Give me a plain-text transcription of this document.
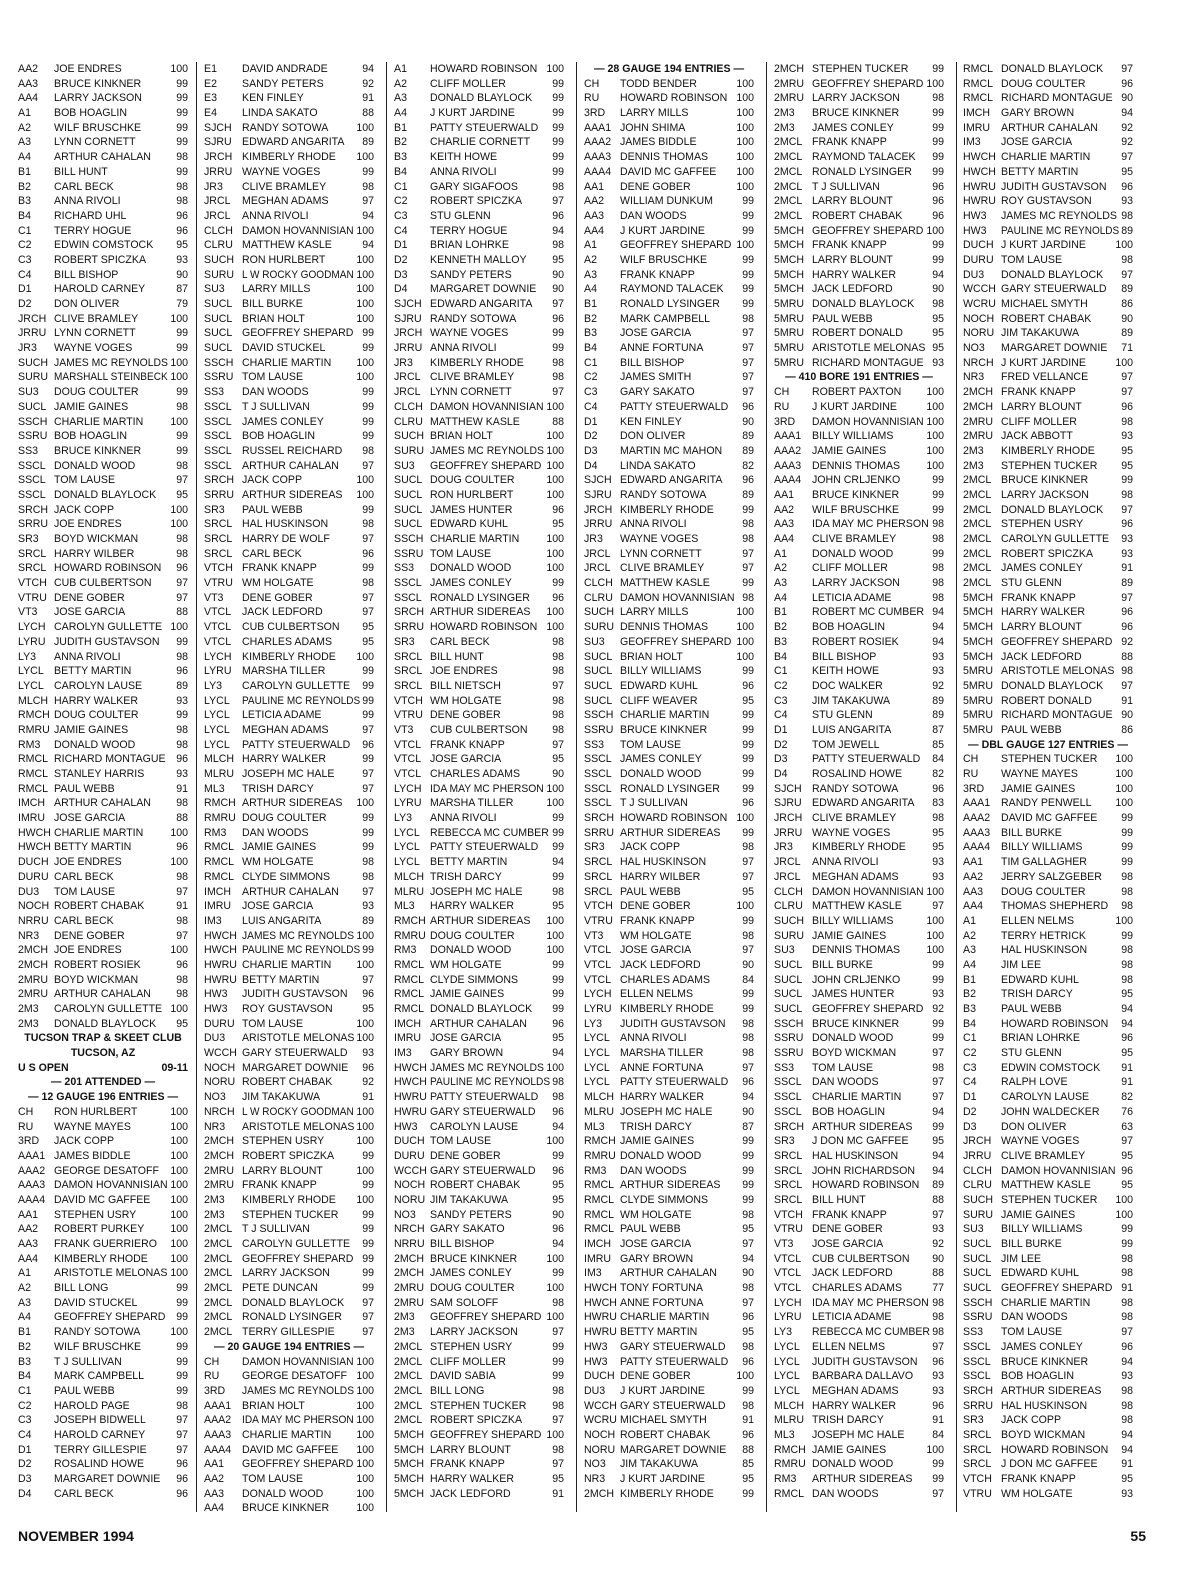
AA2 JOE ENDRES	100
AA3 BRUCE KINKNER	99
AA4 LARRY JACKSON	99
A1 BOB HOAGLIN	99
A2 WILF BRUSCHKE	99
A3 LYNN CORNETT	99
A4 ARTHUR CAHALAN 98
B1 BILL HUNT	99
B2 CARL BECK	98
B3 ANNA RIVOLI	98
B4 RICHARD UHL	96
C1 TERRY HOGUE	96
C2 EDWIN COMSTOCK 95
C3 ROBERT SPICZKA	93
C4 BILL BISHOP	90
D1 HAROLD CARNEY	87
D2 DON OLIVER	79
JRCH CLIVE BRAMLEY	100
JRRU LYNN CORNETT	99
JR3 WAYNE VOGES	99
SUCH JAMES MC REYNOLDS 100
SURU MARSHALL STEINBECK 100
SU3 DOUG COULTER	99
SUCL JAMIE GAINES	98
SSCH CHARLIE MARTIN	100
SSRU BOB HOAGLIN	99
SS3 BRUCE KINKNER	99
SSCL DONALD WOOD	98
SSCL TOM LAUSE	97
SSCL DONALD BLAYLOCK 95
SRCH JACK COPP	100
SRRU JOE ENDRES	100
SR3 BOYD WICKMAN	98
SRCL HARRY WILBER	98
SRCL HOWARD ROBINSON 96
VTCH CUB CULBERTSON 97
VTRU DENE GOBER	97
VT3 JOSE GARCIA	88
LYCH CAROLYN GULLETTE 100
LYRU JUDITH GUSTAVSON 99
LY3 ANNA RIVOLI	98
LYCL BETTY MARTIN	96
LYCL CAROLYN LAUSE	89
MLCH HARRY WALKER	93
RMCH DOUG COULTER	99
RMRU JAMIE GAINES	98
RM3 DONALD WOOD	98
RMCL RICHARD MONTAGUE 96
RMCL STANLEY HARRIS	93
RMCL PAUL WEBB	91
IMCH ARTHUR CAHALAN 98
IMRU JOSE GARCIA	88
HWCH CHARLIE MARTIN	100
HWCH BETTY MARTIN	96
DUCH JOE ENDRES	100
DURU CARL BECK	98
DU3 TOM LAUSE	97
NOCH ROBERT CHABAK	91
NRRU CARL BECK	98
NR3 DENE GOBER	97
2MCH JOE ENDRES	100
2MCH ROBERT ROSIEK	96
2MRU BOYD WICKMAN	98
2MRU ARTHUR CAHALAN 98
2M3 CAROLYN GULLETTE 100
2M3 DONALD BLAYLOCK 95
TUCSON TRAP & SKEET CLUB
TUCSON, AZ
U S OPEN	09-11
— 201 ATTENDED —
— 12 GAUGE 196 ENTRIES —
CH RON HURLBERT	100
RU WAYNE MAYES	100
3RD JACK COPP	100
AAA1 JAMES BIDDLE	100
AAA2 GEORGE DESATOFF 100
AAA3 DAMON HOVANNISIAN 100
AAA4 DAVID MC GAFFEE 100
AA1 STEPHEN USRY	100
AA2 ROBERT PURKEY 100
AA3 FRANK GUERRIERO 100
AA4 KIMBERLY RHODE 100
A1 ARISTOTLE MELONAS 100
A2 BILL LONG	99
A3 DAVID STUCKEL	99
A4 GEOFFREY SHEPARD 99
B1 RANDY SOTOWA	100
B2 WILF BRUSCHKE	99
B3 T J SULLIVAN	99
B4 MARK CAMPBELL	99
C1 PAUL WEBB	99
C2 HAROLD PAGE	98
C3 JOSEPH BIDWELL	97
C4 HAROLD CARNEY	97
D1 TERRY GILLESPIE	97
D2 ROSALIND HOWE	96
D3 MARGARET DOWNIE 96
D4 CARL BECK	96
E1 DAVID ANDRADE	94
E2 SANDY PETERS	92
E3 KEN FINLEY	91
E4 LINDA SAKATO	88
SJCH RANDY SOTOWA	100
SJRU EDWARD ANGARITA 89
JRCH KIMBERLY RHODE 100
JRRU WAYNE VOGES	99
JR3 CLIVE BRAMLEY	98
JRCL MEGHAN ADAMS	97
JRCL ANNA RIVOLI	94
CLCH DAMON HOVANNISIAN 100
CLRU MATTHEW KASLE	94
SUCH RON HURLBERT	100
SURU L W ROCKY GOODMAN 100
SU3 LARRY MILLS	100
SUCL BILL BURKE	100
SUCL BRIAN HOLT	100
SUCL GEOFFREY SHEPARD 99
SUCL DAVID STUCKEL	99
SSCH CHARLIE MARTIN 100
SSRU TOM LAUSE	100
SS3 DAN WOODS	99
SSCL T J SULLIVAN	99
SSCL JAMES CONLEY	99
SSCL BOB HOAGLIN	99
SSCL RUSSEL REICHARD 98
SSCL ARTHUR CAHALAN 97
SRCH JACK COPP	100
SRRU ARTHUR SIDEREAS 100
SR3 PAUL WEBB	99
SRCL HAL HUSKINSON	98
SRCL HARRY DE WOLF	97
SRCL CARL BECK	96
VTCH FRANK KNAPP	99
VTRU WM HOLGATE	98
VT3 DENE GOBER	97
VTCL JACK LEDFORD	97
VTCL CUB CULBERTSON 95
VTCL CHARLES ADAMS	95
LYCH KIMBERLY RHODE 100
LYRU MARSHA TILLER	99
LY3 CAROLYN GULLETTE 99
LYCL PAULINE MC REYNOLDS 99
LYCL LETICIA ADAME	99
LYCL MEGHAN ADAMS	97
LYCL PATTY STEUERWALD 96
MLCH HARRY WALKER	99
MLRU JOSEPH MC HALE	97
ML3 TRISH DARCY	97
RMCH ARTHUR SIDEREAS 100
RMRU DOUG COULTER	99
RM3 DAN WOODS	99
RMCL JAMIE GAINES	99
RMCL WM HOLGATE	98
RMCL CLYDE SIMMONS	98
IMCH ARTHUR CAHALAN 97
IMRU JOSE GARCIA	93
IM3 LUIS ANGARITA	89
HWCH JAMES MC REYNOLDS 100
HWCH PAULINE MC REYNOLDS 99
HWRU CHARLIE MARTIN 100
HWRU BETTY MARTIN	97
HW3 JUDITH GUSTAVSON 96
HW3 ROY GUSTAVSON	95
DURU TOM LAUSE	100
DU3 ARISTOTLE MELONAS 100
WCCH GARY STEUERWALD 93
NOCH MARGARET DOWNIE 96
NORU ROBERT CHABAK	92
NO3 JIM TAKAKUWA	91
NRCH L W ROCKY GOODMAN 100
NR3 ARISTOTLE MELONAS 100
2MCH STEPHEN USRY	100
2MCH ROBERT SPICZKA	99
2MRU LARRY BLOUNT	100
2MRU FRANK KNAPP	99
2M3 KIMBERLY RHODE 100
2M3 STEPHEN TUCKER 99
2MCL T J SULLIVAN	99
2MCL CAROLYN GULLETTE 99
2MCL GEOFFREY SHEPARD 99
2MCL LARRY JACKSON	99
2MCL PETE DUNCAN	99
2MCL DONALD BLAYLOCK 97
2MCL RONALD LYSINGER 97
2MCL TERRY GILLESPIE	97
— 20 GAUGE 194 ENTRIES —
CH DAMON HOVANNISIAN 100
RU GEORGE DESATOFF 100
3RD JAMES MC REYNOLDS 100
AAA1 BRIAN HOLT	100
AAA2 IDA MAY MC PHERSON 100
AAA3 CHARLIE MARTIN 100
AAA4 DAVID MC GAFFEE 100
AA1 GEOFFREY SHEPARD 100
AA2 TOM LAUSE	100
AA3 DONALD WOOD	100
AA4 BRUCE KINKNER	100
A1 HOWARD ROBINSON 100
A2 CLIFF MOLLER	99
A3 DONALD BLAYLOCK 99
A4 J KURT JARDINE	99
B1 PATTY STEUERWALD 99
B2 CHARLIE CORNETT 99
B3 KEITH HOWE	99
B4 ANNA RIVOLI	99
C1 GARY SIGAFOOS	98
C2 ROBERT SPICZKA	97
C3 STU GLENN	96
C4 TERRY HOGUE	94
D1 BRIAN LOHRKE	98
D2 KENNETH MALLOY 95
D3 SANDY PETERS	90
D4 MARGARET DOWNIE 90
SJCH EDWARD ANGARITA 97
SJRU RANDY SOTOWA	96
JRCH WAYNE VOGES	99
JRRU ANNA RIVOLI	99
JR3 KIMBERLY RHODE	98
JRCL CLIVE BRAMLEY	98
JRCL LYNN CORNETT	97
CLCH DAMON HOVANNISIAN 100
CLRU MATTHEW KASLE	88
SUCH BRIAN HOLT	100
SURU JAMES MC REYNOLDS 100
SU3 GEOFFREY SHEPARD 100
SUCL DOUG COULTER	100
SUCL RON HURLBERT	100
SUCL JAMES HUNTER	96
SUCL EDWARD KUHL	95
SSCH CHARLIE MARTIN	100
SSRU TOM LAUSE	100
SS3 DONALD WOOD	100
SSCL JAMES CONLEY	99
SSCL RONALD LYSINGER 96
SRCH ARTHUR SIDEREAS 100
SRRU HOWARD ROBINSON 100
SR3 CARL BECK	98
SRCL BILL HUNT	98
SRCL JOE ENDRES	98
SRCL BILL NIETSCH	97
VTCH WM HOLGATE	98
VTRU DENE GOBER	98
VT3 CUB CULBERTSON 98
VTCL FRANK KNAPP	97
VTCL JOSE GARCIA	95
VTCL CHARLES ADAMS	90
LYCH IDA MAY MC PHERSON 100
LYRU MARSHA TILLER	100
LY3 ANNA RIVOLI	99
LYCL REBECCA MC CUMBER 99
LYCL PATTY STEUERWALD 99
LYCL BETTY MARTIN	94
MLCH TRISH DARCY	99
MLRU JOSEPH MC HALE	98
ML3 HARRY WALKER	95
RMCH ARTHUR SIDEREAS 100
RMRU DOUG COULTER	100
RM3 DONALD WOOD	100
RMCL WM HOLGATE	99
RMCL CLYDE SIMMONS	99
RMCL JAMIE GAINES	99
RMCL DONALD BLAYLOCK 99
IMCH ARTHUR CAHALAN 96
IMRU JOSE GARCIA	95
IM3 GARY BROWN	94
HWCH JAMES MC REYNOLDS 100
HWCH PAULINE MC REYNOLDS 98
HWRU PATTY STEUERWALD 98
HWRU GARY STEUERWALD 96
HW3 CAROLYN LAUSE	94
DUCH TOM LAUSE	100
DURU DENE GOBER	99
WCCH GARY STEUERWALD 96
NOCH ROBERT CHABAK	95
NORU JIM TAKAKUWA	95
NO3 SANDY PETERS	90
NRCH GARY SAKATO	96
NRRU BILL BISHOP	94
2MCH BRUCE KINKNER	100
2MCH JAMES CONLEY	99
2MRU DOUG COULTER	100
2MRU SAM SOLOFF	98
2M3 GEOFFREY SHEPARD 100
2M3 LARRY JACKSON	97
2MCL STEPHEN USRY	99
2MCL CLIFF MOLLER	99
2MCL DAVID SABIA	99
2MCL BILL LONG	98
2MCL STEPHEN TUCKER 98
2MCL ROBERT SPICZKA	97
5MCH GEOFFREY SHEPARD 100
5MCH LARRY BLOUNT	98
5MCH FRANK KNAPP	97
5MCH HARRY WALKER	95
5MCH JACK LEDFORD	91
— 28 GAUGE 194 ENTRIES —
CH TODD BENDER	100
RU HOWARD ROBINSON 100
3RD LARRY MILLS	100
AAA1 JOHN SHIMA	100
AAA2 JAMES BIDDLE	100
AAA3 DENNIS THOMAS	100
AAA4 DAVID MC GAFFEE 100
AA1 DENE GOBER	100
AA2 WILLIAM DUNKUM	99
AA3 DAN WOODS	99
AA4 J KURT JARDINE	99
A1 GEOFFREY SHEPARD 100
A2 WILF BRUSCHKE	99
A3 FRANK KNAPP	99
A4 RAYMOND TALACEK 99
B1 RONALD LYSINGER 99
B2 MARK CAMPBELL	98
B3 JOSE GARCIA	97
B4 ANNE FORTUNA	97
C1 BILL BISHOP	97
C2 JAMES SMITH	97
C3 GARY SAKATO	97
C4 PATTY STEUERWALD 96
D1 KEN FINLEY	90
D2 DON OLIVER	89
D3 MARTIN MC MAHON 89
D4 LINDA SAKATO	82
SJCH EDWARD ANGARITA 96
SJRU RANDY SOTOWA	89
JRCH KIMBERLY RHODE	99
JRRU ANNA RIVOLI	98
JR3 WAYNE VOGES	98
JRCL LYNN CORNETT	97
JRCL CLIVE BRAMLEY	97
CLCH MATTHEW KASLE	99
CLRU DAMON HOVANNISIAN 98
SUCH LARRY MILLS	100
SURU DENNIS THOMAS	100
SU3 GEOFFREY SHEPARD 100
SUCL BRIAN HOLT	100
SUCL BILLY WILLIAMS	99
SUCL EDWARD KUHL	96
SUCL CLIFF WEAVER	95
SSCH CHARLIE MARTIN	99
SSRU BRUCE KINKNER	99
SS3 TOM LAUSE	99
SSCL JAMES CONLEY	99
SSCL DONALD WOOD	99
SSCL RONALD LYSINGER 99
SSCL T J SULLIVAN	96
SRCH HOWARD ROBINSON 100
SRRU ARTHUR SIDEREAS 99
SR3 JACK COPP	98
SRCL HAL HUSKINSON	97
SRCL HARRY WILBER	97
SRCL PAUL WEBB	95
VTCH DENE GOBER	100
VTRU FRANK KNAPP	99
VT3 WM HOLGATE	98
VTCL JOSE GARCIA	97
VTCL JACK LEDFORD	90
VTCL CHARLES ADAMS	84
LYCH ELLEN NELMS	99
LYRU KIMBERLY RHODE	99
LY3 JUDITH GUSTAVSON 98
LYCL ANNA RIVOLI	98
LYCL MARSHA TILLER	98
LYCL ANNE FORTUNA	97
LYCL PATTY STEUERWALD 96
MLCH HARRY WALKER	94
MLRU JOSEPH MC HALE	90
ML3 TRISH DARCY	87
RMCH JAMIE GAINES	99
RMRU DONALD WOOD	99
RM3 DAN WOODS	99
RMCL ARTHUR SIDEREAS 99
RMCL CLYDE SIMMONS	99
RMCL WM HOLGATE	98
RMCL PAUL WEBB	95
IMCH JOSE GARCIA	97
IMRU GARY BROWN	94
IM3 ARTHUR CAHALAN 90
HWCH TONY FORTUNA	98
HWCH ANNE FORTUNA	97
HWRU CHARLIE MARTIN	96
HWRU BETTY MARTIN	95
HW3 GARY STEUERWALD 98
HW3 PATTY STEUERWALD 96
DUCH DENE GOBER	100
DU3 J KURT JARDINE	99
WCCH GARY STEUERWALD 98
WCRU MICHAEL SMYTH	91
NOCH ROBERT CHABAK	96
NORU MARGARET DOWNIE 88
NO3 JIM TAKAKUWA	85
NR3 J KURT JARDINE	95
2MCH KIMBERLY RHODE	99
2MCH STEPHEN TUCKER 99
2MRU GEOFFREY SHEPARD 100
2MRU LARRY JACKSON	98
2M3 BRUCE KINKNER	99
2M3 JAMES CONLEY	99
2MCL FRANK KNAPP	99
2MCL RAYMOND TALACEK 99
2MCL RONALD LYSINGER 99
2MCL T J SULLIVAN	96
2MCL LARRY BLOUNT	96
2MCL ROBERT CHABAK	96
5MCH GEOFFREY SHEPARD 100
5MCH FRANK KNAPP	99
5MCH LARRY BLOUNT	99
5MCH HARRY WALKER	94
5MCH JACK LEDFORD	90
5MRU DONALD BLAYLOCK 98
5MRU PAUL WEBB	95
5MRU ROBERT DONALD	95
5MRU ARISTOTLE MELONAS 95
5MRU RICHARD MONTAGUE 93
— 410 BORE 191 ENTRIES —
CH ROBERT PAXTON 100
RU J KURT JARDINE	100
3RD DAMON HOVANNISIAN 100
AAA1 BILLY WILLIAMS	100
AAA2 JAMIE GAINES	100
AAA3 DENNIS THOMAS 100
AAA4 JOHN CRLJENKO	99
AA1 BRUCE KINKNER	99
AA2 WILF BRUSCHKE	99
AA3 IDA MAY MC PHERSON 98
AA4 CLIVE BRAMLEY	98
A1 DONALD WOOD	99
A2 CLIFF MOLLER	98
A3 LARRY JACKSON	98
A4 LETICIA ADAME	98
B1 ROBERT MC CUMBER 94
B2 BOB HOAGLIN	94
B3 ROBERT ROSIEK	94
B4 BILL BISHOP	93
C1 KEITH HOWE	93
C2 DOC WALKER	92
C3 JIM TAKAKUWA	89
C4 STU GLENN	89
D1 LUIS ANGARITA	87
D2 TOM JEWELL	85
D3 PATTY STEUERWALD 84
D4 ROSALIND HOWE	82
SJCH RANDY SOTOWA	96
SJRU EDWARD ANGARITA 83
JRCH CLIVE BRAMLEY	98
JRRU WAYNE VOGES	95
JR3 KIMBERLY RHODE 95
JRCL ANNA RIVOLI	93
JRCL MEGHAN ADAMS	93
CLCH DAMON HOVANNISIAN 100
CLRU MATTHEW KASLE	97
SUCH BILLY WILLIAMS	100
SURU JAMIE GAINES	100
SU3 DENNIS THOMAS 100
SUCL BILL BURKE	99
SUCL JOHN CRLJENKO	99
SUCL JAMES HUNTER	93
SUCL GEOFFREY SHEPARD 92
SSCH BRUCE KINKNER	99
SSRU DONALD WOOD	99
SSRU BOYD WICKMAN	97
SS3 TOM LAUSE	98
SSCL DAN WOODS	97
SSCL CHARLIE MARTIN	97
SSCL BOB HOAGLIN	94
SRCH ARTHUR SIDEREAS 99
SR3 J DON MC GAFFEE 95
SRCL HAL HUSKINSON	94
SRCL JOHN RICHARDSON 94
SRCL HOWARD ROBINSON 89
SRCL BILL HUNT	88
VTCH FRANK KNAPP	97
VTRU DENE GOBER	93
VT3 JOSE GARCIA	92
VTCL CUB CULBERTSON 90
VTCL JACK LEDFORD	88
VTCL CHARLES ADAMS	77
LYCH IDA MAY MC PHERSON 98
LYRU LETICIA ADAME	98
LY3 REBECCA MC CUMBER 98
LYCL ELLEN NELMS	97
LYCL JUDITH GUSTAVSON 96
LYCL BARBARA DALLAVO 93
LYCL MEGHAN ADAMS	93
MLCH HARRY WALKER	96
MLRU TRISH DARCY	91
ML3 JOSEPH MC HALE	84
RMCH JAMIE GAINES	100
RMRU DONALD WOOD	99
RM3 ARTHUR SIDEREAS 99
RMCL DAN WOODS	97
RMCL DONALD BLAYLOCK 97
RMCL DOUG COULTER	96
RMCL RICHARD MONTAGUE 90
IMCH GARY BROWN	94
IMRU ARTHUR CAHALAN 92
IM3 JOSE GARCIA	92
HWCH CHARLIE MARTIN	97
HWCH BETTY MARTIN	95
HWRU JUDITH GUSTAVSON 96
HWRU ROY GUSTAVSON	93
HW3 JAMES MC REYNOLDS 98
HW3 PAULINE MC REYNOLDS 89
DUCH J KURT JARDINE	100
DURU TOM LAUSE	98
DU3 DONALD BLAYLOCK 97
WCCH GARY STEUERWALD 89
WCRU MICHAEL SMYTH	86
NOCH ROBERT CHABAK	90
NORU JIM TAKAKUWA	89
NO3 MARGARET DOWNIE 71
NRCH J KURT JARDINE	100
NR3 FRED VELLANCE	97
2MCH FRANK KNAPP	97
2MCH LARRY BLOUNT	96
2MRU CLIFF MOLLER	98
2MRU JACK ABBOTT	93
2M3 KIMBERLY RHODE 95
2M3 STEPHEN TUCKER 95
2MCL BRUCE KINKNER	99
2MCL LARRY JACKSON	98
2MCL DONALD BLAYLOCK 97
2MCL STEPHEN USRY	96
2MCL CAROLYN GULLETTE 93
2MCL ROBERT SPICZKA	93
2MCL JAMES CONLEY	91
2MCL STU GLENN	89
5MCH FRANK KNAPP	97
5MCH HARRY WALKER	96
5MCH LARRY BLOUNT	96
5MCH GEOFFREY SHEPARD 92
5MCH JACK LEDFORD	88
5MRU ARISTOTLE MELONAS 98
5MRU DONALD BLAYLOCK 97
5MRU ROBERT DONALD	91
5MRU RICHARD MONTAGUE 90
5MRU PAUL WEBB	86
— DBL GAUGE 127 ENTRIES —
CH STEPHEN TUCKER 100
RU WAYNE MAYES	100
3RD JAMIE GAINES	100
AAA1 RANDY PENWELL 100
AAA2 DAVID MC GAFFEE 99
AAA3 BILL BURKE	99
AAA4 BILLY WILLIAMS	99
AA1 TIM GALLAGHER	99
AA2 JERRY SALZGEBER 98
AA3 DOUG COULTER	98
AA4 THOMAS SHEPHERD 98
A1 ELLEN NELMS	100
A2 TERRY HETRICK	99
A3 HAL HUSKINSON	98
A4 JIM LEE	98
B1 EDWARD KUHL	98
B2 TRISH DARCY	95
B3 PAUL WEBB	94
B4 HOWARD ROBINSON 94
C1 BRIAN LOHRKE	96
C2 STU GLENN	95
C3 EDWIN COMSTOCK 91
C4 RALPH LOVE	91
D1 CAROLYN LAUSE	82
D2 JOHN WALDECKER 76
D3 DON OLIVER	63
JRCH WAYNE VOGES	97
JRRU CLIVE BRAMLEY	95
CLCH DAMON HOVANNISIAN 96
CLRU MATTHEW KASLE	95
SUCH STEPHEN TUCKER 100
SURU JAMIE GAINES	100
SU3 BILLY WILLIAMS	99
SUCL BILL BURKE	99
SUCL JIM LEE	98
SUCL EDWARD KUHL	98
SUCL GEOFFREY SHEPARD 91
SSCH CHARLIE MARTIN	98
SSRU DAN WOODS	98
SS3 TOM LAUSE	97
SSCL JAMES CONLEY	96
SSCL BRUCE KINKNER	94
SSCL BOB HOAGLIN	93
SRCH ARTHUR SIDEREAS 98
SRRU HAL HUSKINSON	98
SR3 JACK COPP	98
SRCL BOYD WICKMAN	94
SRCL HOWARD ROBINSON 94
SRCL J DON MC GAFFEE 91
VTCH FRANK KNAPP	95
VTRU WM HOLGATE	93
NOVEMBER 1994	55
